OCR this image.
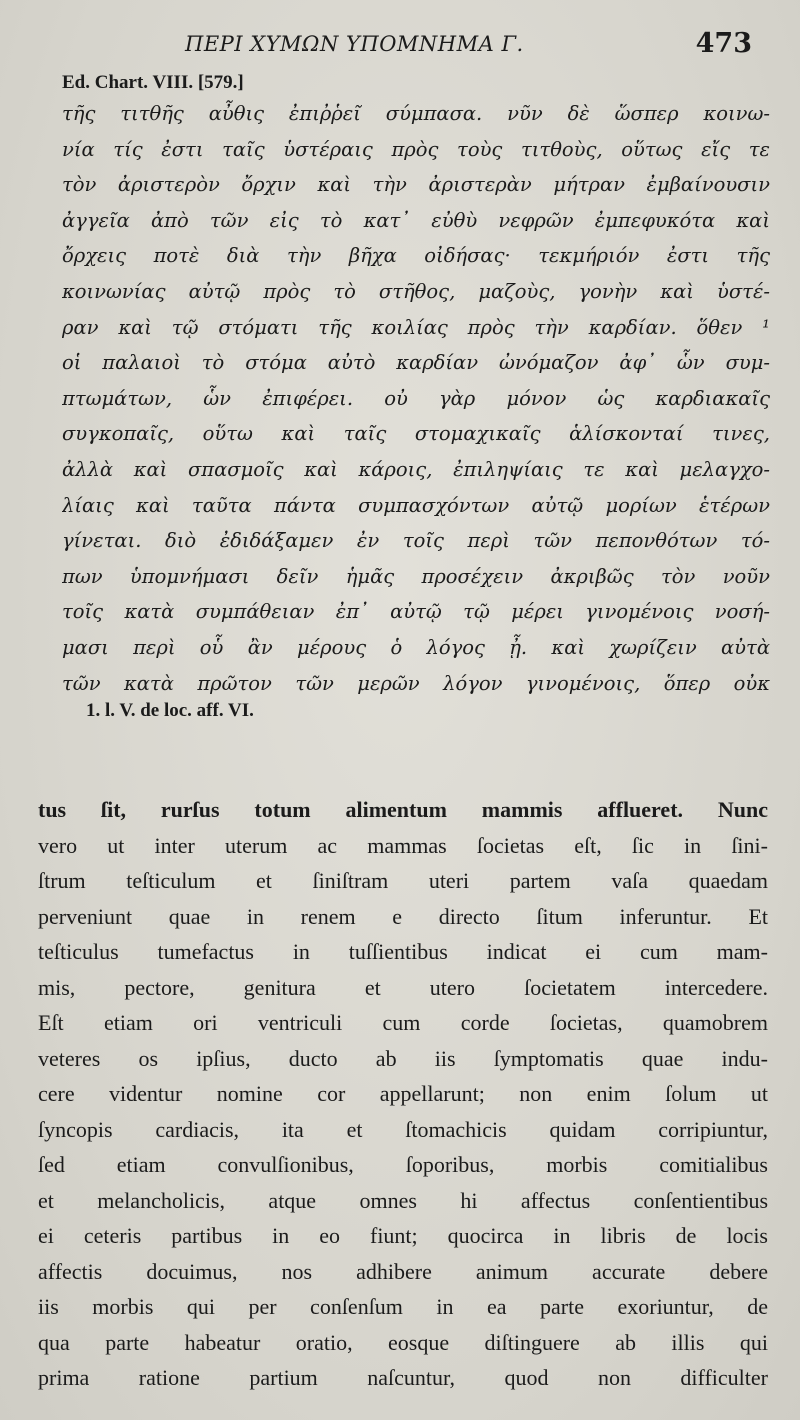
ΠΕΡΙ ΧΥΜΩΝ ΥΠΟΜΝΗΜΑ Γ.	473
Ed. Chart. VIII. [579.]
τῆς τιτθῆς αὖθις ἐπιῤῥεῖ σύμπασα. νῦν δὲ ὥσπερ κοινω-
νία τίς ἐστι ταῖς ὑστέραις πρὸς τοὺς τιτθοὺς, οὕτως εἴς τε
τὸν ἀριστερὸν ὄρχιν καὶ τὴν ἀριστερὰν μήτραν ἐμβαίνουσιν
ἀγγεῖα ἀπὸ τῶν εἰς τὸ κατ᾽ εὐθὺ νεφρῶν ἐμπεφυκότα καὶ
ὄρχεις ποτὲ διὰ τὴν βῆχα οἰδήσας· τεκμήριόν ἐστι τῆς
κοινωνίας αὐτῷ πρὸς τὸ στῆθος, μαζοὺς, γονὴν καὶ ὑστέ-
ραν καὶ τῷ στόματι τῆς κοιλίας πρὸς τὴν καρδίαν. ὅθεν ¹
οἱ παλαιοὶ τὸ στόμα αὐτὸ καρδίαν ὠνόμαζον ἀφ᾽ ὧν συμ-
πτωμάτων, ὧν ἐπιφέρει. οὐ γὰρ μόνον ὡς καρδιακαῖς
συγκοπαῖς, οὕτω καὶ ταῖς στομαχικαῖς ἁλίσκονταί τινες,
ἀλλὰ καὶ σπασμοῖς καὶ κάροις, ἐπιληψίαις τε καὶ μελαγχο-
λίαις καὶ ταῦτα πάντα συμπασχόντων αὐτῷ μορίων ἑτέρων
γίνεται. διὸ ἐδιδάξαμεν ἐν τοῖς περὶ τῶν πεπονθότων τό-
πων ὑπομνήμασι δεῖν ἡμᾶς προσέχειν ἀκριβῶς τὸν νοῦν
τοῖς κατὰ συμπάθειαν ἐπ᾽ αὐτῷ τῷ μέρει γινομένοις νοσή-
μασι περὶ οὗ ἂν μέρους ὁ λόγος ᾖ. καὶ χωρίζειν αὐτὰ
τῶν κατὰ πρῶτον τῶν μερῶν λόγον γινομένοις, ὅπερ οὐκ
1. l. V. de loc. aff. VI.
tus ſit, rurſus totum alimentum mammis afflueret. Nunc
vero ut inter uterum ac mammas ſocietas eſt, ſic in ſini-
ſtrum teſticulum et ſiniſtram uteri partem vaſa quaedam
perveniunt quae in renem e directo ſitum inferuntur. Et
teſticulus tumefactus in tuſſientibus indicat ei cum mam-
mis, pectore, genitura et utero ſocietatem intercedere.
Eſt etiam ori ventriculi cum corde ſocietas, quamobrem
veteres os ipſius, ducto ab iis ſymptomatis quae indu-
cere videntur nomine cor appellarunt; non enim ſolum ut
ſyncopis cardiacis, ita et ſtomachicis quidam corripiuntur,
ſed etiam convulſionibus, ſoporibus, morbis comitialibus
et melancholicis, atque omnes hi affectus conſentientibus
ei ceteris partibus in eo fiunt; quocirca in libris de locis
affectis docuimus, nos adhibere animum accurate debere
iis morbis qui per conſenſum in ea parte exoriuntur, de
qua parte habeatur oratio, eosque diſtinguere ab illis qui
prima ratione partium naſcuntur, quod non difficulter
